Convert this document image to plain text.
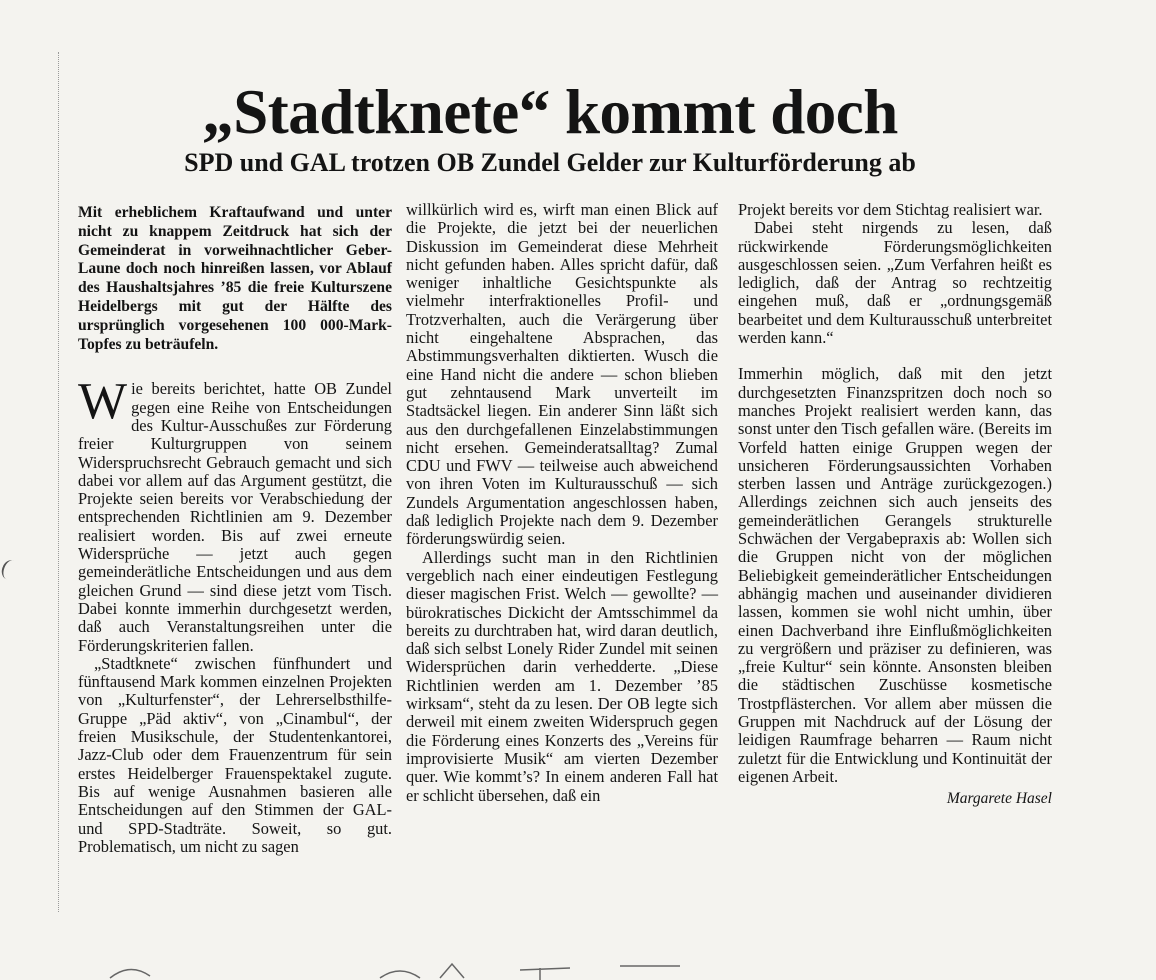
„Stadtknete“ kommt doch
SPD und GAL trotzen OB Zundel Gelder zur Kulturförderung ab

Mit erheblichem Kraftaufwand und unter nicht zu knappem Zeitdruck hat sich der Gemeinderat in vorweihnachtlicher Geber-Laune doch noch hinreißen lassen, vor Ablauf des Haushaltsjahres ’85 die freie Kulturszene Heidelbergs mit gut der Hälfte des ursprünglich vorgesehenen 100 000-Mark-Topfes zu beträufeln.

Wie bereits berichtet, hatte OB Zundel gegen eine Reihe von Entscheidungen des Kultur-Ausschußes zur Förderung freier Kulturgruppen von seinem Widerspruchsrecht Gebrauch gemacht und sich dabei vor allem auf das Argument gestützt, die Projekte seien bereits vor Verabschiedung der entsprechenden Richtlinien am 9. Dezember realisiert worden. Bis auf zwei erneute Widersprüche — jetzt auch gegen gemeinderätliche Entscheidungen und aus dem gleichen Grund — sind diese jetzt vom Tisch. Dabei konnte immerhin durchgesetzt werden, daß auch Veranstaltungsreihen unter die Förderungskriterien fallen.

„Stadtknete“ zwischen fünfhundert und fünftausend Mark kommen einzelnen Projekten von „Kulturfenster“, der Lehrerselbsthilfe-Gruppe „Päd aktiv“, von „Cinambul“, der freien Musikschule, der Studentenkantorei, Jazz-Club oder dem Frauenzentrum für sein erstes Heidelberger Frauenspektakel zugute. Bis auf wenige Ausnahmen basieren alle Entscheidungen auf den Stimmen der GAL- und SPD-Stadträte. Soweit, so gut. Problematisch, um nicht zu sagen

willkürlich wird es, wirft man einen Blick auf die Projekte, die jetzt bei der neuerlichen Diskussion im Gemeinderat diese Mehrheit nicht gefunden haben. Alles spricht dafür, daß weniger inhaltliche Gesichtspunkte als vielmehr interfraktionelles Profil- und Trotzverhalten, auch die Verärgerung über nicht eingehaltene Absprachen, das Abstimmungsverhalten diktierten. Wusch die eine Hand nicht die andere — schon blieben gut zehntausend Mark unverteilt im Stadtsäckel liegen. Ein anderer Sinn läßt sich aus den durchgefallenen Einzelabstimmungen nicht ersehen. Gemeinderatsalltag? Zumal CDU und FWV — teilweise auch abweichend von ihren Voten im Kulturausschuß — sich Zundels Argumentation angeschlossen haben, daß lediglich Projekte nach dem 9. Dezember förderungswürdig seien.

Allerdings sucht man in den Richtlinien vergeblich nach einer eindeutigen Festlegung dieser magischen Frist. Welch — gewollte? — bürokratisches Dickicht der Amtsschimmel da bereits zu durchtraben hat, wird daran deutlich, daß sich selbst Lonely Rider Zundel mit seinen Widersprüchen darin verhedderte. „Diese Richtlinien werden am 1. Dezember ’85 wirksam“, steht da zu lesen. Der OB legte sich derweil mit einem zweiten Widerspruch gegen die Förderung eines Konzerts des „Vereins für improvisierte Musik“ am vierten Dezember quer. Wie kommt’s? In einem anderen Fall hat er schlicht übersehen, daß ein

Projekt bereits vor dem Stichtag realisiert war.

Dabei steht nirgends zu lesen, daß rückwirkende Förderungsmöglichkeiten ausgeschlossen seien. „Zum Verfahren heißt es lediglich, daß der Antrag so rechtzeitig eingehen muß, daß er „ordnungsgemäß bearbeitet und dem Kulturausschuß unterbreitet werden kann.“

Immerhin möglich, daß mit den jetzt durchgesetzten Finanzspritzen doch noch so manches Projekt realisiert werden kann, das sonst unter den Tisch gefallen wäre. (Bereits im Vorfeld hatten einige Gruppen wegen der unsicheren Förderungsaussichten Vorhaben sterben lassen und Anträge zurückgezogen.) Allerdings zeichnen sich auch jenseits des gemeinderätlichen Gerangels strukturelle Schwächen der Vergabepraxis ab: Wollen sich die Gruppen nicht von der möglichen Beliebigkeit gemeinderätlicher Entscheidungen abhängig machen und auseinander dividieren lassen, kommen sie wohl nicht umhin, über einen Dachverband ihre Einflußmöglichkeiten zu vergrößern und präziser zu definieren, was „freie Kultur“ sein könnte. Ansonsten bleiben die städtischen Zuschüsse kosmetische Trostpflästerchen. Vor allem aber müssen die Gruppen mit Nachdruck auf der Lösung der leidigen Raumfrage beharren — Raum nicht zuletzt für die Entwicklung und Kontinuität der eigenen Arbeit.

Margarete Hasel
